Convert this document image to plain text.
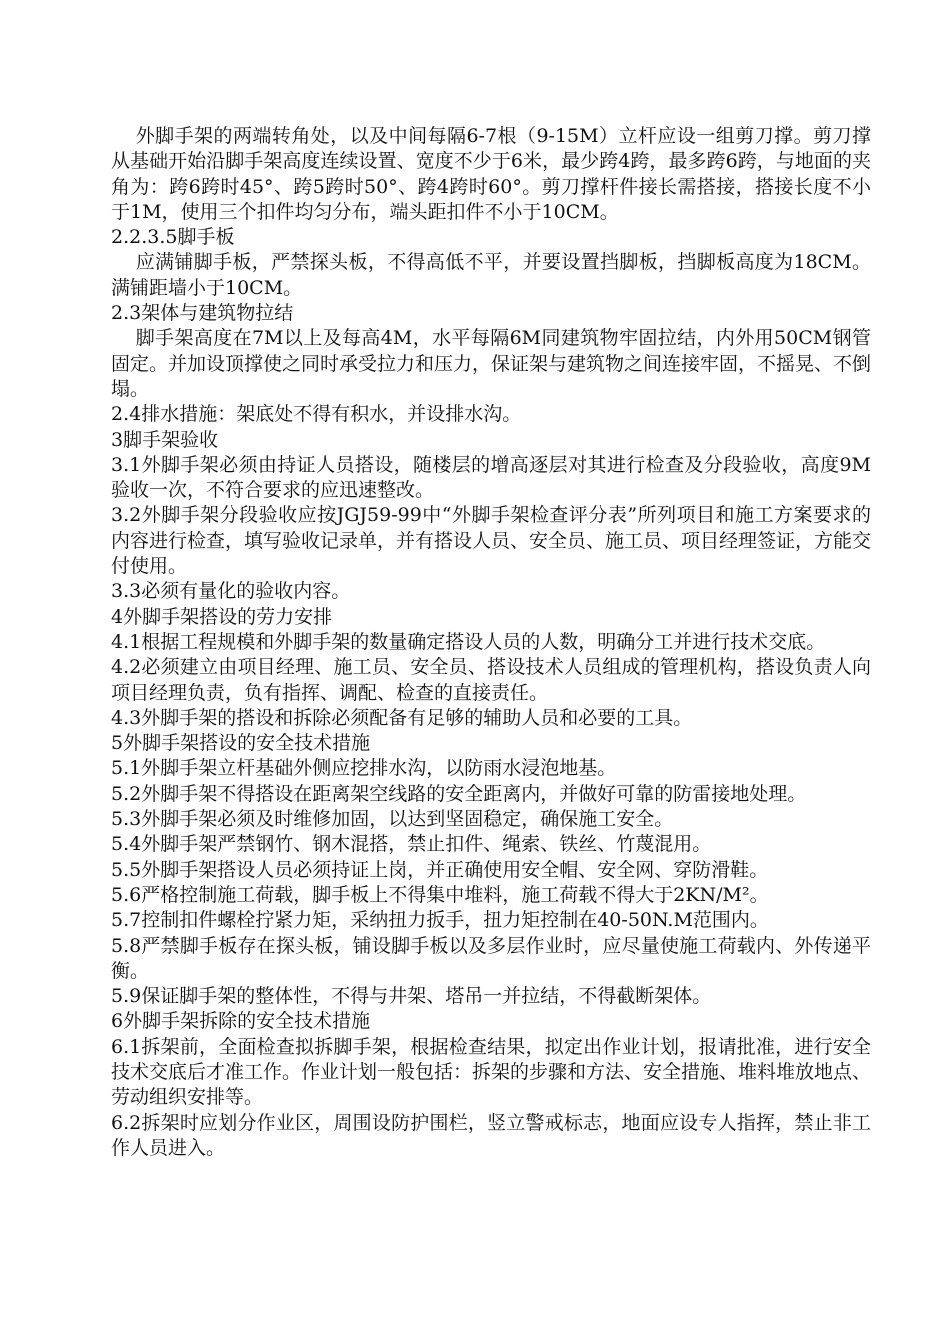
外脚手架的两端转角处，以及中间每隔6-7根（9-15M）立杆应设一组剪刀撑。剪刀撑从基础开始沿脚手架高度连续设置、宽度不少于6米，最少跨4跨，最多跨6跨，与地面的夹角为：跨6跨时45°、跨5跨时50°、跨4跨时60°。剪刀撑杆件接长需搭接，搭接长度不小于1M，使用三个扣件均匀分布，端头距扣件不小于10CM。

2.2.3.5脚手板

应满铺脚手板，严禁探头板，不得高低不平，并要设置挡脚板，挡脚板高度为18CM。满铺距墙小于10CM。

2.3架体与建筑物拉结

脚手架高度在7M以上及每高4M，水平每隔6M同建筑物牢固拉结，内外用50CM钢管固定。并加设顶撑使之同时承受拉力和压力，保证架与建筑物之间连接牢固，不摇晃、不倒塌。

2.4排水措施：架底处不得有积水，并设排水沟。

3脚手架验收

3.1外脚手架必须由持证人员搭设，随楼层的增高逐层对其进行检查及分段验收，高度9M验收一次，不符合要求的应迅速整改。

3.2外脚手架分段验收应按JGJ59-99中“外脚手架检查评分表”所列项目和施工方案要求的内容进行检查，填写验收记录单，并有搭设人员、安全员、施工员、项目经理签证，方能交付使用。

3.3必须有量化的验收内容。

4外脚手架搭设的劳力安排

4.1根据工程规模和外脚手架的数量确定搭设人员的人数，明确分工并进行技术交底。

4.2必须建立由项目经理、施工员、安全员、搭设技术人员组成的管理机构，搭设负责人向项目经理负责，负有指挥、调配、检查的直接责任。

4.3外脚手架的搭设和拆除必须配备有足够的辅助人员和必要的工具。

5外脚手架搭设的安全技术措施

5.1外脚手架立杆基础外侧应挖排水沟，以防雨水浸泡地基。

5.2外脚手架不得搭设在距离架空线路的安全距离内，并做好可靠的防雷接地处理。

5.3外脚手架必须及时维修加固，以达到坚固稳定，确保施工安全。

5.4外脚手架严禁钢竹、钢木混搭，禁止扣件、绳索、铁丝、竹蔑混用。

5.5外脚手架搭设人员必须持证上岗，并正确使用安全帽、安全网、穿防滑鞋。

5.6严格控制施工荷载，脚手板上不得集中堆料，施工荷载不得大于2KN/M²。

5.7控制扣件螺栓拧紧力矩，采纳扭力扳手，扭力矩控制在40-50N.M范围内。

5.8严禁脚手板存在探头板，铺设脚手板以及多层作业时，应尽量使施工荷载内、外传递平衡。

5.9保证脚手架的整体性，不得与井架、塔吊一并拉结，不得截断架体。

6外脚手架拆除的安全技术措施

6.1拆架前，全面检查拟拆脚手架，根据检查结果，拟定出作业计划，报请批准，进行安全技术交底后才准工作。作业计划一般包括：拆架的步骤和方法、安全措施、堆料堆放地点、劳动组织安排等。

6.2拆架时应划分作业区，周围设防护围栏，竖立警戒标志，地面应设专人指挥，禁止非工作人员进入。
